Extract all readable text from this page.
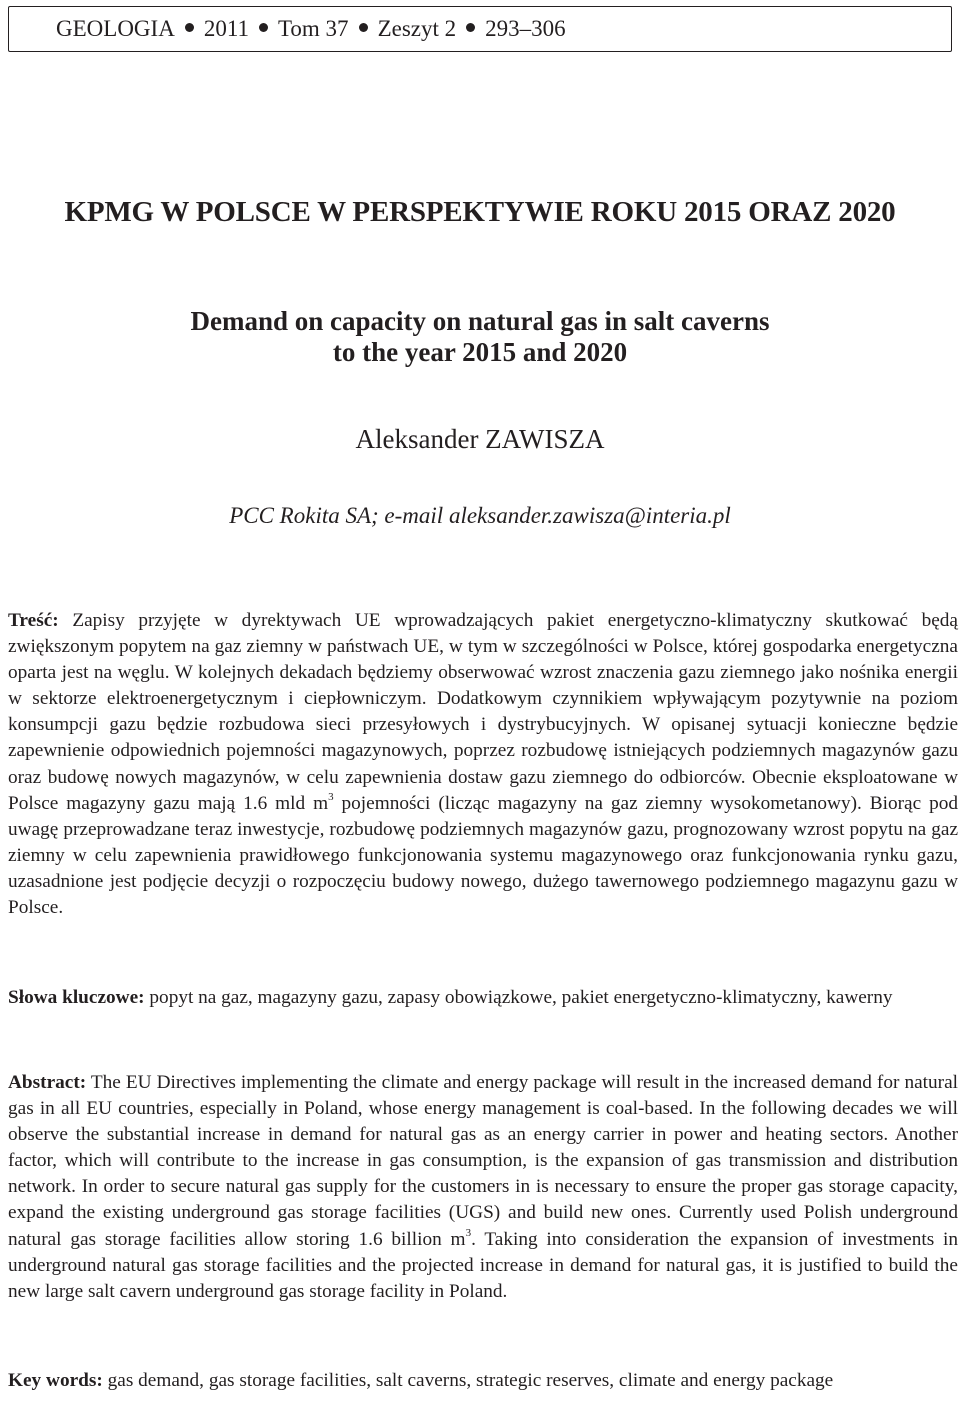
GEOLOGIA 2011 Tom 37 Zeszyt 2 293–306
KPMG W POLSCE W PERSPEKTYWIE ROKU 2015 ORAZ 2020
Demand on capacity on natural gas in salt caverns
to the year 2015 and 2020
Aleksander ZAWISZA
PCC Rokita SA; e-mail aleksander.zawisza@interia.pl
Treść: Zapisy przyjęte w dyrektywach UE wprowadzających pakiet energetyczno-klimatyczny skutkować będą zwiększonym popytem na gaz ziemny w państwach UE, w tym w szczególności w Polsce, której gospodarka energetyczna oparta jest na węglu. W kolejnych dekadach będziemy obserwować wzrost znaczenia gazu ziemnego jako nośnika energii w sektorze elektroenergetycznym i ciepłowniczym. Dodatkowym czynnikiem wpływającym pozytywnie na poziom konsumpcji gazu będzie rozbudowa sieci przesyłowych i dystrybucyjnych. W opisanej sytuacji konieczne będzie zapewnienie odpowiednich pojemności magazynowych, poprzez rozbudowę istniejących podziemnych magazynów gazu oraz budowę nowych magazynów, w celu zapewnienia dostaw gazu ziemnego do odbiorców. Obecnie eksploatowane w Polsce magazyny gazu mają 1.6 mld $m^3$ pojemności (licząc magazyny na gaz ziemny wysokometanowy). Biorąc pod uwagę przeprowadzane teraz inwestycje, rozbudowę podziemnych magazynów gazu, prognozowany wzrost popytu na gaz ziemny w celu zapewnienia prawidłowego funkcjonowania systemu magazynowego oraz funkcjonowania rynku gazu, uzasadnione jest podjęcie decyzji o rozpoczęciu budowy nowego, dużego tawernowego podziemnego magazynu gazu w Polsce.
Słowa kluczowe: popyt na gaz, magazyny gazu, zapasy obowiązkowe, pakiet energetyczno-klimatyczny, kawerny
Abstract: The EU Directives implementing the climate and energy package will result in the increased demand for natural gas in all EU countries, especially in Poland, whose energy management is coal-based. In the following decades we will observe the substantial increase in demand for natural gas as an energy carrier in power and heating sectors. Another factor, which will contribute to the increase in gas consumption, is the expansion of gas transmission and distribution network. In order to secure natural gas supply for the customers in is necessary to ensure the proper gas storage capacity, expand the existing underground gas storage facilities (UGS) and build new ones. Currently used Polish underground natural gas storage facilities allow storing 1.6 billion $m^3$. Taking into consideration the expansion of investments in underground natural gas storage facilities and the projected increase in demand for natural gas, it is justified to build the new large salt cavern underground gas storage facility in Poland.
Key words: gas demand, gas storage facilities, salt caverns, strategic reserves, climate and energy package
